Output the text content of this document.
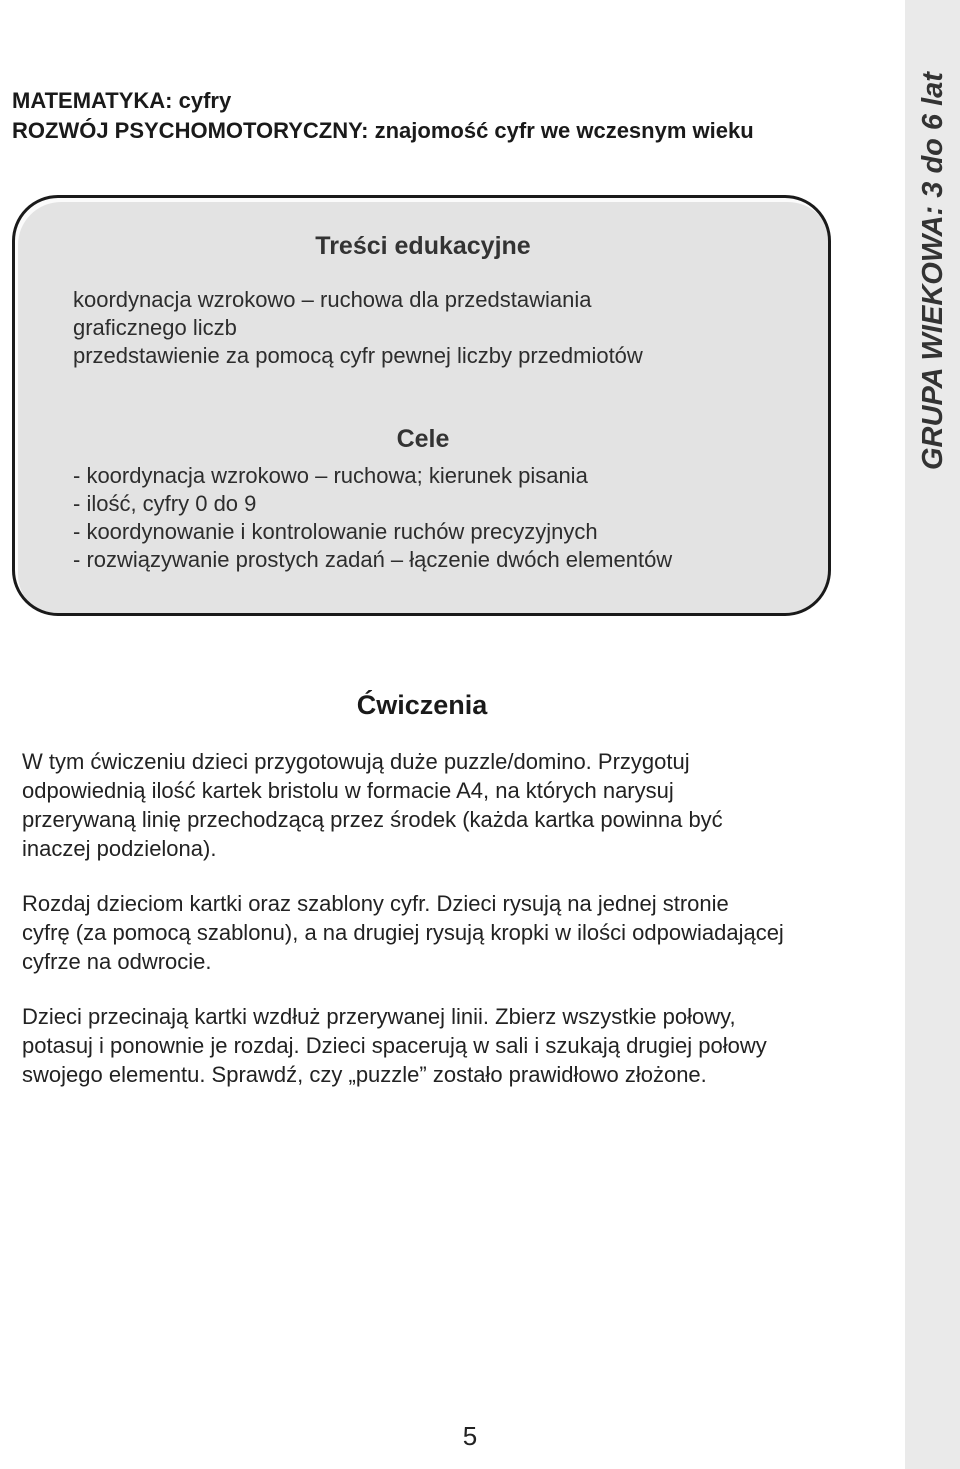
MATEMATYKA: cyfry
ROZWÓJ PSYCHOMOTORYCZNY: znajomość cyfr we wczesnym wieku	GRUPA WIEKOWA: 3 do 6 lat
Treści edukacyjne
koordynacja wzrokowo – ruchowa dla przedstawiania
graficznego liczb
przedstawienie za pomocą cyfr pewnej liczby przedmiotów
Cele
- koordynacja wzrokowo – ruchowa; kierunek pisania
- ilość, cyfry 0 do 9
- koordynowanie i kontrolowanie ruchów precyzyjnych
- rozwiązywanie prostych zadań – łączenie dwóch elementów
Ćwiczenia
W tym ćwiczeniu dzieci przygotowują duże puzzle/domino. Przygotuj
odpowiednią ilość kartek bristolu w formacie A4, na których narysuj
przerywaną linię przechodzącą przez środek (każda kartka powinna być
inaczej podzielona).
Rozdaj dzieciom kartki oraz szablony cyfr. Dzieci rysują na jednej stronie
cyfrę (za pomocą szablonu), a na drugiej rysują kropki w ilości odpowiadającej
cyfrze na odwrocie.
Dzieci przecinają kartki wzdłuż przerywanej linii. Zbierz wszystkie połowy,
potasuj i ponownie je rozdaj. Dzieci spacerują w sali i szukają drugiej połowy
swojego elementu. Sprawdź, czy „puzzle” zostało prawidłowo złożone.
5
